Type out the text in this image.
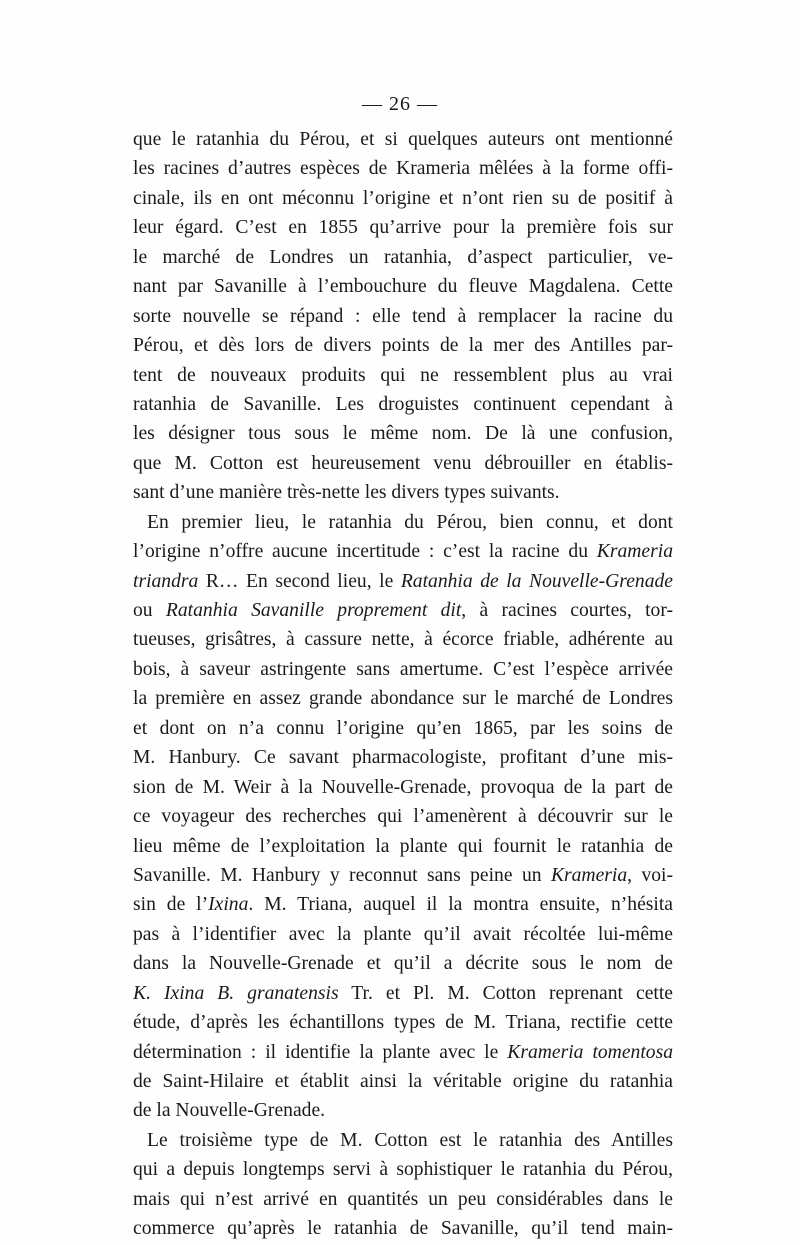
— 26 —
que le ratanhia du Pérou, et si quelques auteurs ont mentionné
les racines d’autres espèces de Krameria mêlées à la forme offi-
cinale, ils en ont méconnu l’origine et n’ont rien su de positif à
leur égard. C’est en 1855 qu’arrive pour la première fois sur
le marché de Londres un ratanhia, d’aspect particulier, ve-
nant par Savanille à l’embouchure du fleuve Magdalena. Cette
sorte nouvelle se répand : elle tend à remplacer la racine du
Pérou, et dès lors de divers points de la mer des Antilles par-
tent de nouveaux produits qui ne ressemblent plus au vrai
ratanhia de Savanille. Les droguistes continuent cependant à
les désigner tous sous le même nom. De là une confusion,
que M. Cotton est heureusement venu débrouiller en établis-
sant d’une manière très-nette les divers types suivants.
En premier lieu, le ratanhia du Pérou, bien connu, et dont
l’origine n’offre aucune incertitude : c’est la racine du Krameria
triandra R… En second lieu, le Ratanhia de la Nouvelle-Grenade
ou Ratanhia Savanille proprement dit, à racines courtes, tor-
tueuses, grisâtres, à cassure nette, à écorce friable, adhérente au
bois, à saveur astringente sans amertume. C’est l’espèce arrivée
la première en assez grande abondance sur le marché de Londres
et dont on n’a connu l’origine qu’en 1865, par les soins de
M. Hanbury. Ce savant pharmacologiste, profitant d’une mis-
sion de M. Weir à la Nouvelle-Grenade, provoqua de la part de
ce voyageur des recherches qui l’amenèrent à découvrir sur le
lieu même de l’exploitation la plante qui fournit le ratanhia de
Savanille. M. Hanbury y reconnut sans peine un Krameria, voi-
sin de l’Ixina. M. Triana, auquel il la montra ensuite, n’hésita
pas à l’identifier avec la plante qu’il avait récoltée lui-même
dans la Nouvelle-Grenade et qu’il a décrite sous le nom de
K. Ixina B. granatensis Tr. et Pl. M. Cotton reprenant cette
étude, d’après les échantillons types de M. Triana, rectifie cette
détermination : il identifie la plante avec le Krameria tomentosa
de Saint-Hilaire et établit ainsi la véritable origine du ratanhia
de la Nouvelle-Grenade.
Le troisième type de M. Cotton est le ratanhia des Antilles
qui a depuis longtemps servi à sophistiquer le ratanhia du Pérou,
mais qui n’est arrivé en quantités un peu considérables dans le
commerce qu’après le ratanhia de Savanille, qu’il tend main-
